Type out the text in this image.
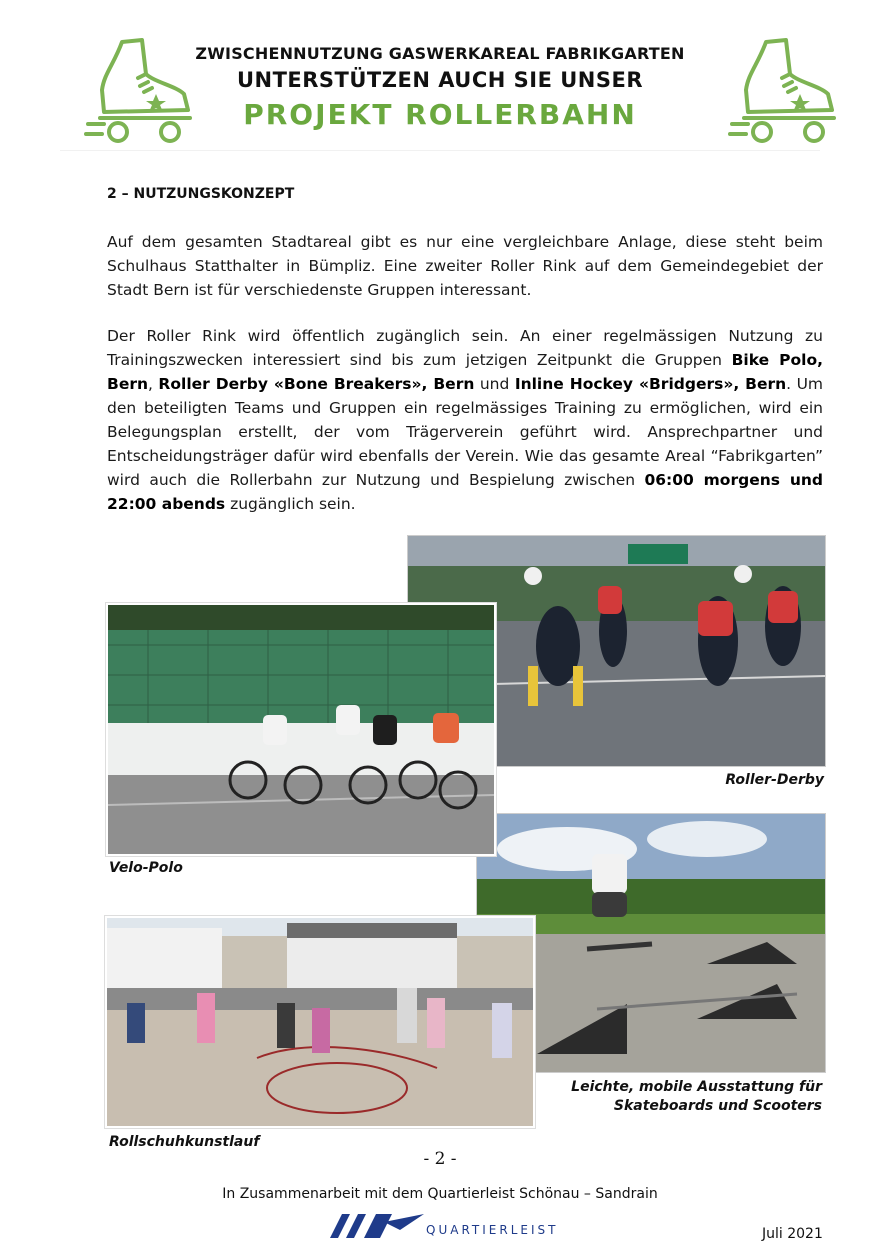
ZWISCHENNUTZUNG GASWERKAREAL FABRIKGARTEN
UNTERSTÜTZEN AUCH SIE UNSER
PROJEKT ROLLERBAHN
2 – NUTZUNGSKONZEPT
Auf dem gesamten Stadtareal gibt es nur eine vergleichbare Anlage, diese steht beim Schulhaus Statthalter in Bümpliz. Eine zweiter Roller Rink auf dem Gemeindegebiet der Stadt Bern ist für verschiedenste Gruppen interessant.
Der Roller Rink wird öffentlich zugänglich sein. An einer regelmässigen Nutzung zu Trainingszwecken interessiert sind bis zum jetzigen Zeitpunkt die Gruppen Bike Polo, Bern, Roller Derby «Bone Breakers», Bern und Inline Hockey «Bridgers», Bern. Um den beteiligten Teams und Gruppen ein regelmässiges Training zu ermöglichen, wird ein Belegungsplan erstellt, der vom Trägerverein geführt wird. Ansprechpartner und Entscheidungsträger dafür wird ebenfalls der Verein. Wie das gesamte Areal “Fabrikgarten” wird auch die Rollerbahn zur Nutzung und Bespielung zwischen 06:00 morgens und 22:00 abends zugänglich sein.
Roller-Derby
Velo-Polo
Leichte, mobile Ausstattung für
Skateboards und Scooters
Rollschuhkunstlauf
- 2 -
In Zusammenarbeit mit dem Quartierleist Schönau – Sandrain
QUARTIERLEIST	Juli 2021
